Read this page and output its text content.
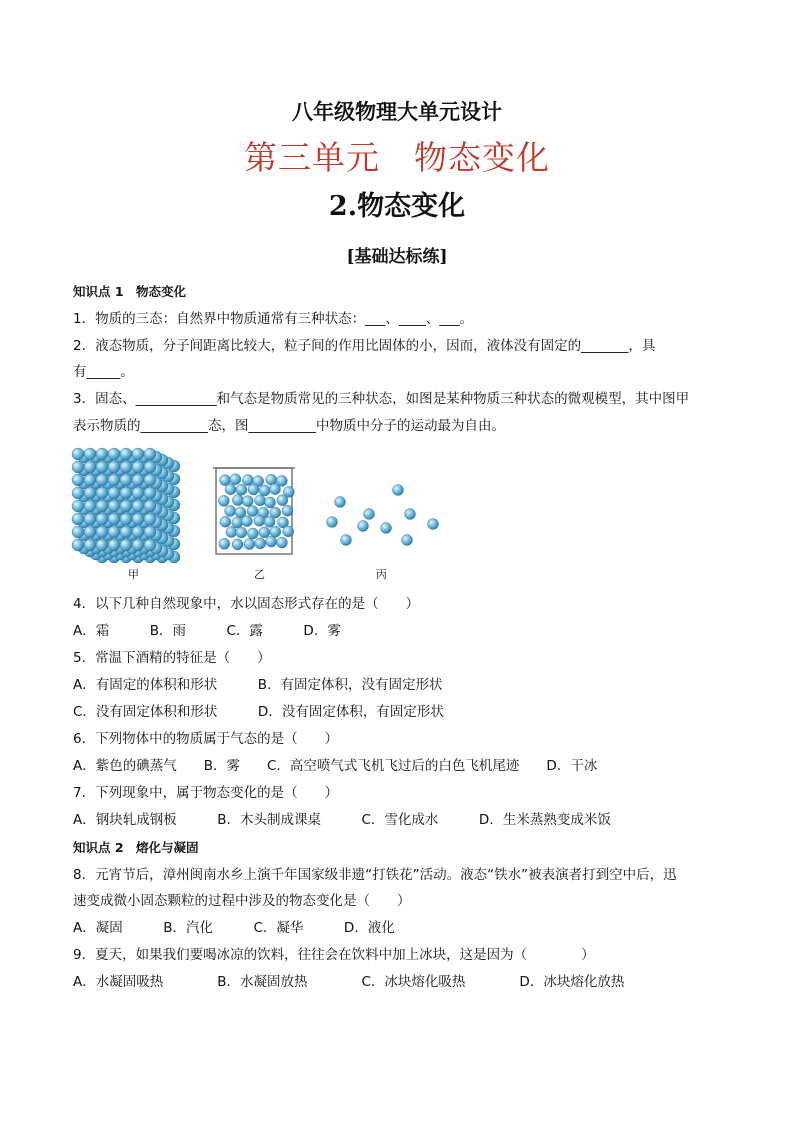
八年级物理大单元设计
第三单元　物态变化
2.物态变化
[基础达标练]
知识点 1　物态变化
1．物质的三态：自然界中物质通常有三种状态：___、____、___。
2．液态物质，分子间距离比较大，粒子间的作用比固体的小，因而，液体没有固定的_______，具
有_____。
3．固态、____________和气态是物质常见的三种状态，如图是某种物质三种状态的微观模型，其中图甲
表示物质的__________态，图__________中物质中分子的运动最为自由。
甲	乙	丙
4．以下几种自然现象中，水以固态形式存在的是（　　）
A．霜　　　B．雨　　　C．露　　　D．雾
5．常温下酒精的特征是（　　）
A．有固定的体积和形状　　　B．有固定体积，没有固定形状
C．没有固定体积和形状　　　D．没有固定体积，有固定形状
6．下列物体中的物质属于气态的是（　　）
A．紫色的碘蒸气　　B．雾　　C．高空喷气式飞机飞过后的白色飞机尾迹　　D．干冰
7．下列现象中，属于物态变化的是（　　）
A．钢块轧成钢板　　　B．木头制成课桌　　　C．雪化成水　　　D．生米蒸熟变成米饭
知识点 2　熔化与凝固
8．元宵节后，漳州闽南水乡上演千年国家级非遗“打铁花”活动。液态“铁水”被表演者打到空中后，迅
速变成微小固态颗粒的过程中涉及的物态变化是（　　）
A．凝固　　　B．汽化　　　C．凝华　　　D．液化
9．夏天，如果我们要喝冰凉的饮料，往往会在饮料中加上冰块，这是因为（　　　　）
A．水凝固吸热　　　　B．水凝固放热　　　　C．冰块熔化吸热　　　　D．冰块熔化放热
